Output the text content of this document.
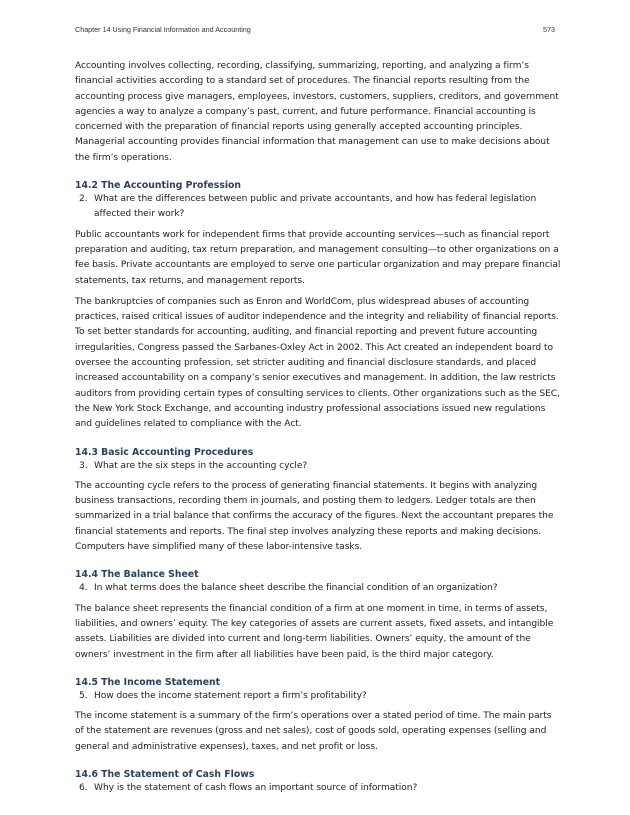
Chapter 14 Using Financial Information and Accounting	573

Accounting involves collecting, recording, classifying, summarizing, reporting, and analyzing a firm’s financial activities according to a standard set of procedures. The financial reports resulting from the accounting process give managers, employees, investors, customers, suppliers, creditors, and government agencies a way to analyze a company’s past, current, and future performance. Financial accounting is concerned with the preparation of financial reports using generally accepted accounting principles. Managerial accounting provides financial information that management can use to make decisions about the firm’s operations.

14.2 The Accounting Profession
2. What are the differences between public and private accountants, and how has federal legislation affected their work?

Public accountants work for independent firms that provide accounting services—such as financial report preparation and auditing, tax return preparation, and management consulting—to other organizations on a fee basis. Private accountants are employed to serve one particular organization and may prepare financial statements, tax returns, and management reports.

The bankruptcies of companies such as Enron and WorldCom, plus widespread abuses of accounting practices, raised critical issues of auditor independence and the integrity and reliability of financial reports. To set better standards for accounting, auditing, and financial reporting and prevent future accounting irregularities, Congress passed the Sarbanes-Oxley Act in 2002. This Act created an independent board to oversee the accounting profession, set stricter auditing and financial disclosure standards, and placed increased accountability on a company’s senior executives and management. In addition, the law restricts auditors from providing certain types of consulting services to clients. Other organizations such as the SEC, the New York Stock Exchange, and accounting industry professional associations issued new regulations and guidelines related to compliance with the Act.

14.3 Basic Accounting Procedures
3. What are the six steps in the accounting cycle?

The accounting cycle refers to the process of generating financial statements. It begins with analyzing business transactions, recording them in journals, and posting them to ledgers. Ledger totals are then summarized in a trial balance that confirms the accuracy of the figures. Next the accountant prepares the financial statements and reports. The final step involves analyzing these reports and making decisions. Computers have simplified many of these labor-intensive tasks.

14.4 The Balance Sheet
4. In what terms does the balance sheet describe the financial condition of an organization?

The balance sheet represents the financial condition of a firm at one moment in time, in terms of assets, liabilities, and owners’ equity. The key categories of assets are current assets, fixed assets, and intangible assets. Liabilities are divided into current and long-term liabilities. Owners’ equity, the amount of the owners’ investment in the firm after all liabilities have been paid, is the third major category.

14.5 The Income Statement
5. How does the income statement report a firm’s profitability?

The income statement is a summary of the firm’s operations over a stated period of time. The main parts of the statement are revenues (gross and net sales), cost of goods sold, operating expenses (selling and general and administrative expenses), taxes, and net profit or loss.

14.6 The Statement of Cash Flows
6. Why is the statement of cash flows an important source of information?
